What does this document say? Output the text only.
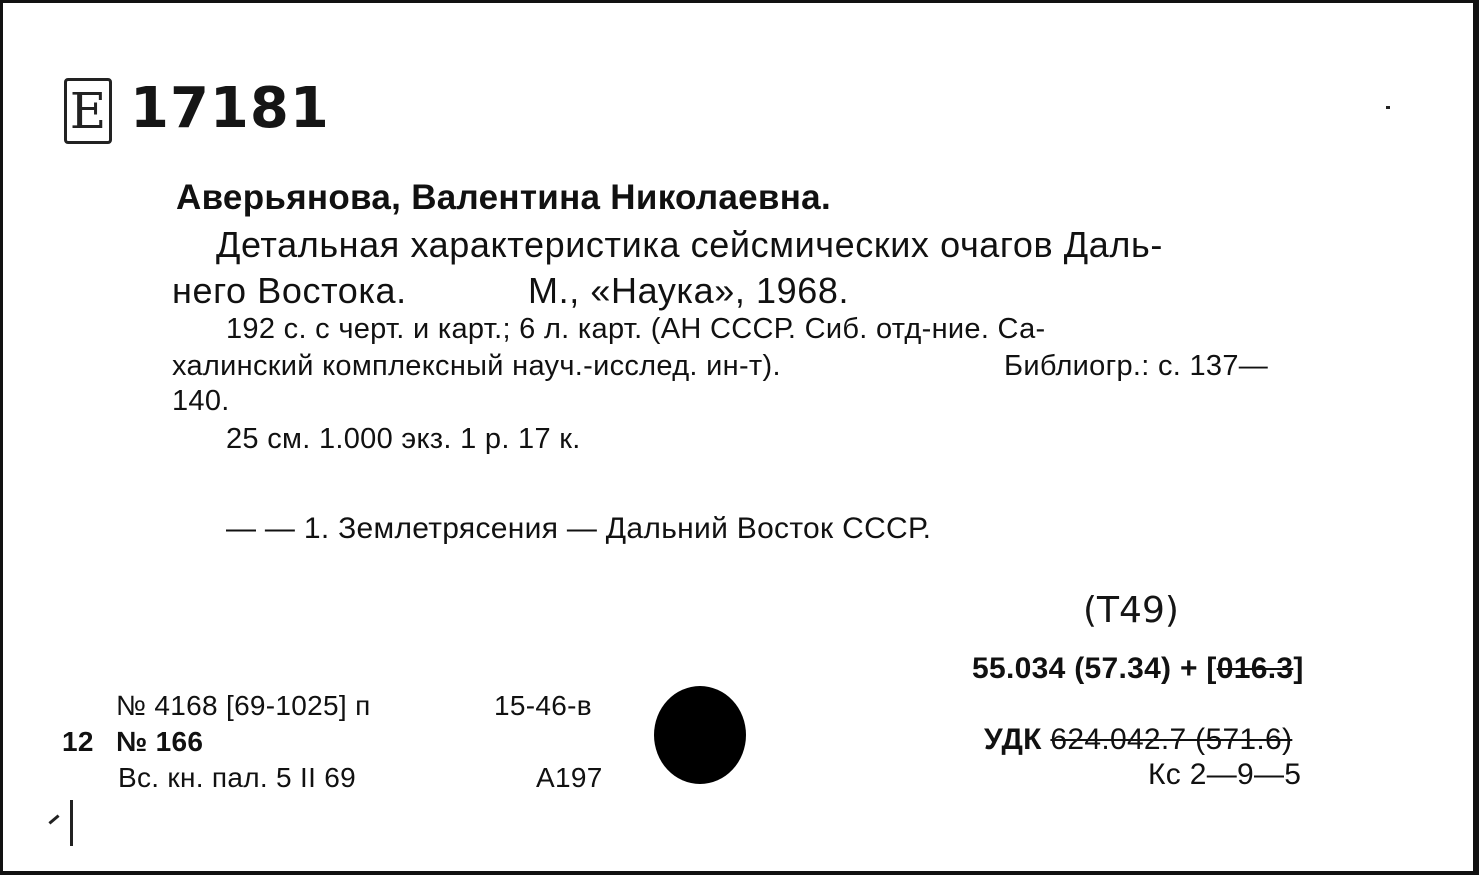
E 17181
Аверьянова, Валентина Николаевна.
Детальная характеристика сейсмических очагов Даль-
него Востока.	М., «Наука», 1968.
192 с. с черт. и карт.; 6 л. карт. (АН СССР. Сиб. отд-ние. Са-
халинский комплексный науч.-исслед. ин-т).	Библиогр.: с. 137—
140.
25 см. 1.000 экз. 1 р. 17 к.
— — 1. Землетрясения — Дальний Восток СССР.
(T49)
55.034 (57.34) + [016.3]
УДК 624.042.7 (571.6)
Кс 2—9—5
№ 4168 [69-1025] п	15-46-в
12 № 166
Вс. кн. пал. 5 II 69	А197
